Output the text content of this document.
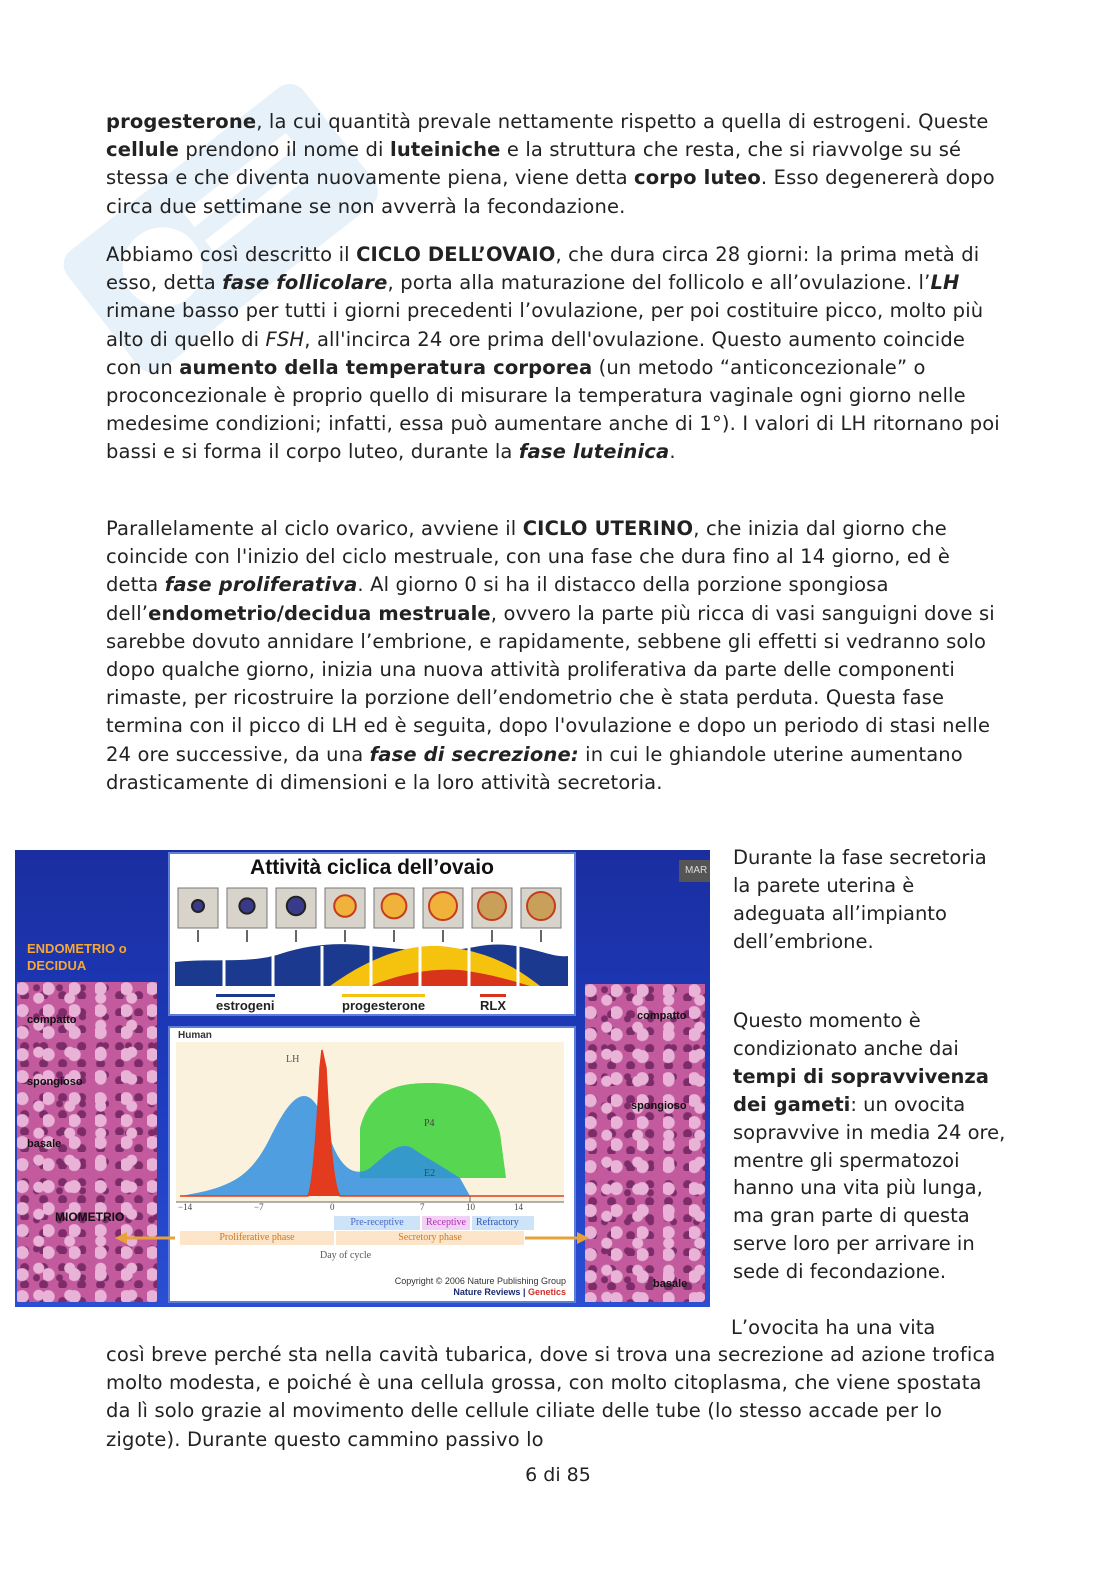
progesterone, la cui quantità prevale nettamente rispetto a quella di estrogeni. Queste cellule prendono il nome di luteiniche e la struttura che resta, che si riavvolge su sé stessa e che diventa nuovamente piena, viene detta corpo luteo. Esso degenererà dopo circa due settimane se non avverrà la fecondazione.

Abbiamo così descritto il CICLO DELL’OVAIO, che dura circa 28 giorni: la prima metà di esso, detta fase follicolare, porta alla maturazione del follicolo e all’ovulazione. l’LH rimane basso per tutti i giorni precedenti l’ovulazione, per poi costituire picco, molto più alto di quello di FSH, all'incirca 24 ore prima dell'ovulazione. Questo aumento coincide con un aumento della temperatura corporea (un metodo “anticoncezionale” o proconcezionale è proprio quello di misurare la temperatura vaginale ogni giorno nelle medesime condizioni; infatti, essa può aumentare anche di 1°). I valori di LH ritornano poi bassi e si forma il corpo luteo, durante la fase luteinica.

Parallelamente al ciclo ovarico, avviene il CICLO UTERINO, che inizia dal giorno che coincide con l'inizio del ciclo mestruale, con una fase che dura fino al 14 giorno, ed è detta fase proliferativa. Al giorno 0 si ha il distacco della porzione spongiosa dell’endometrio/decidua mestruale, ovvero la parte più ricca di vasi sanguigni dove si sarebbe dovuto annidare l’embrione, e rapidamente, sebbene gli effetti si vedranno solo dopo qualche giorno, inizia una nuova attività proliferativa da parte delle componenti rimaste, per ricostruire la porzione dell’endometrio che è stata perduta. Questa fase termina con il picco di LH ed è seguita, dopo l'ovulazione e dopo un periodo di stasi nelle 24 ore successive, da una fase di secrezione: in cui le ghiandole uterine aumentano drasticamente di dimensioni e la loro attività secretoria.

ENDOMETRIO o DECIDUA
compatto
spongioso
basale
MIOMETRIO
compatto
spongioso
basale
MAR
Attività ciclica dell’ovaio
estrogeni	progesterone	RLX
Human
LH
P4
E2
−14	−7	0	7	10	14
Pre-receptive	Receptive	Refractory
Proliferative phase	Secretory phase
Day of cycle
Copyright © 2006 Nature Publishing Group
Nature Reviews | Genetics

Durante la fase secretoria la parete uterina è adeguata all’impianto dell’embrione.

Questo momento è condizionato anche dai tempi di sopravvivenza dei gameti: un ovocita sopravvive in media 24 ore, mentre gli spermatozoi hanno una vita più lunga, ma gran parte di questa serve loro per arrivare in sede di fecondazione.

L’ovocita ha una vita

così breve perché sta nella cavità tubarica, dove si trova una secrezione ad azione trofica molto modesta, e poiché è una cellula grossa, con molto citoplasma, che viene spostata da lì solo grazie al movimento delle cellule ciliate delle tube (lo stesso accade per lo zigote). Durante questo cammino passivo lo

6 di 85
